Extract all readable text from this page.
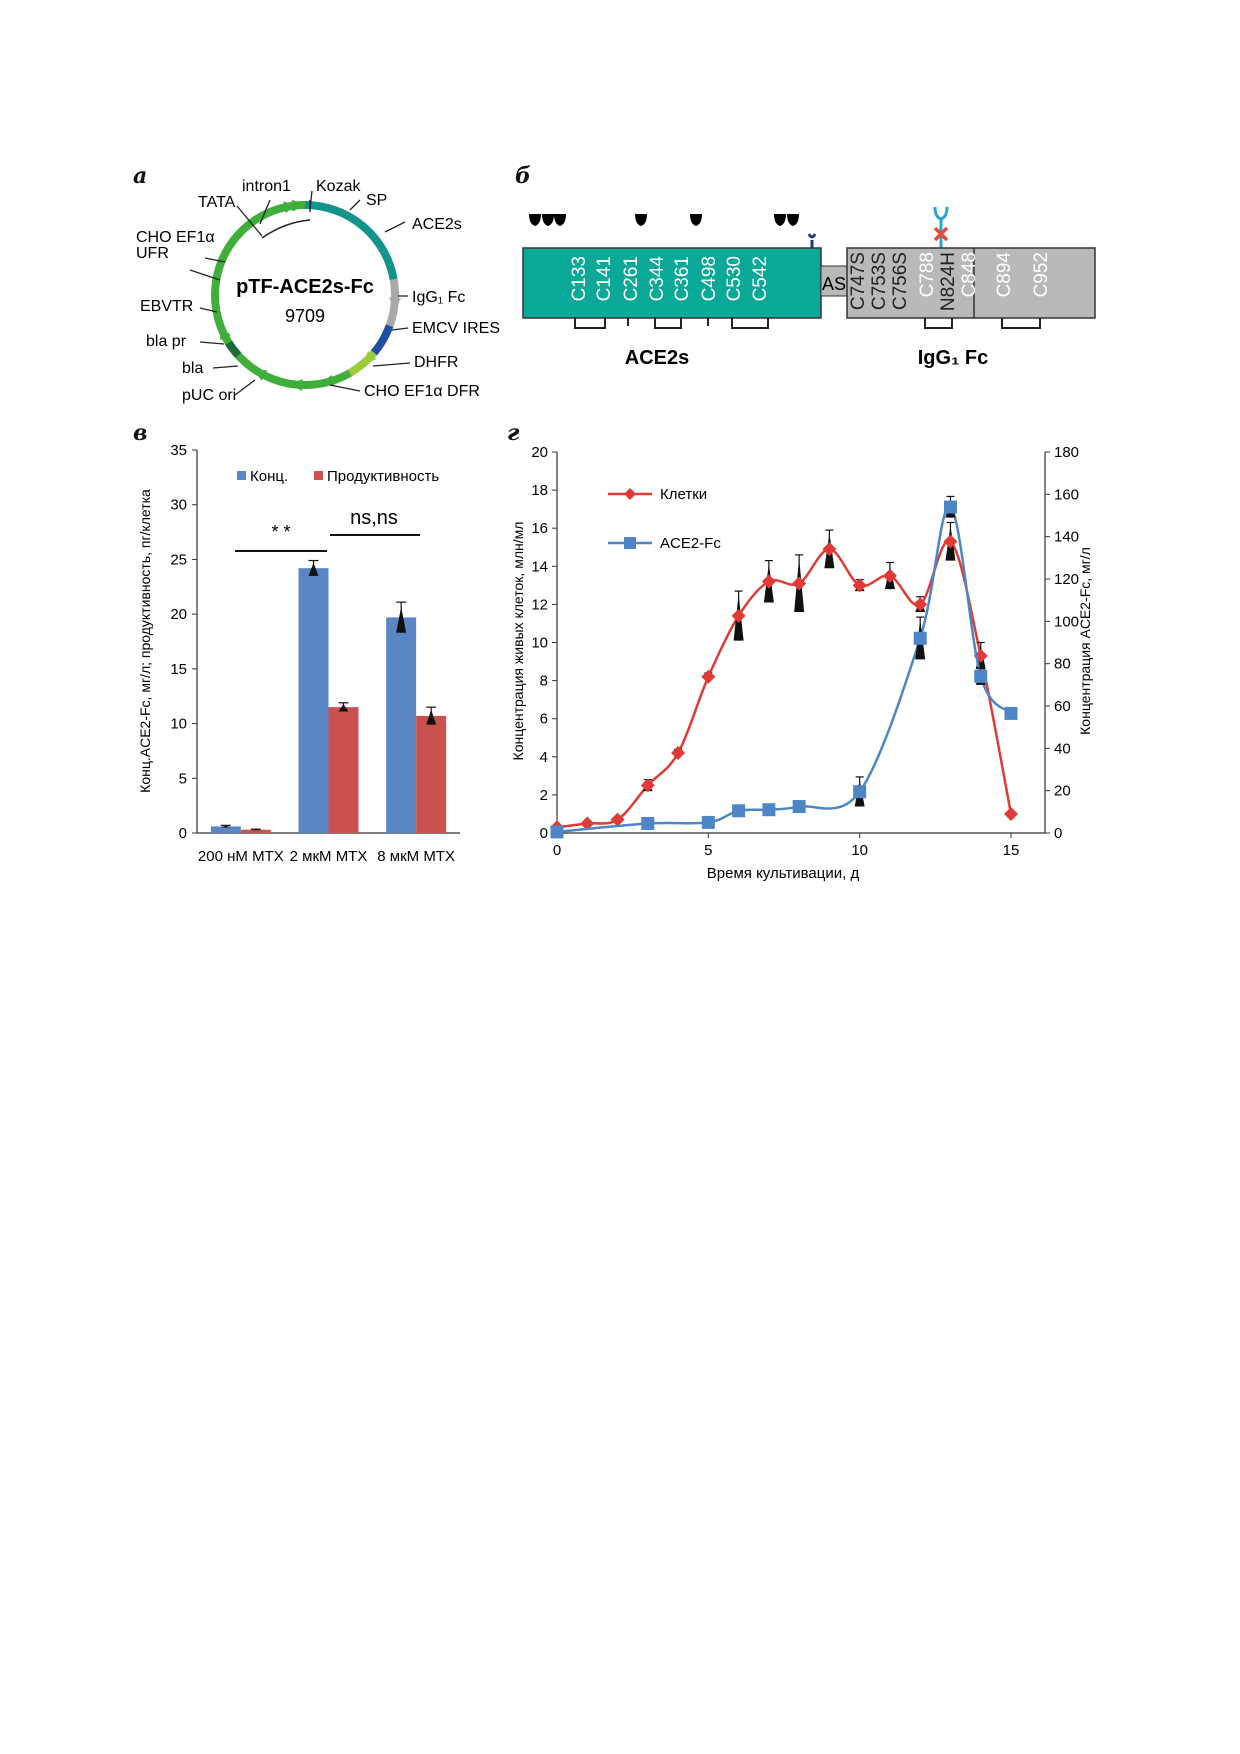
а	б
в	г
pTF-ACE2s-Fc
9709
intron1 Kozak
TATA	SP
CHO EF1α
UFR
ACE2s
IgG₁ Fc
EBVTR
EMCV IRES
bla pr
DHFR
bla
pUC ori	CHO EF1α DFR
AS
C133 C141 C261 C344 C361 C498 C530 C542	C747S C753S C756S C788 N824H C848 C894 C952
ACE2s	IgG₁ Fc
0
5
10
15
20
25
30
35
200 нМ MTX 2 мкМ MTX 8 мкМ MTX
Конц.	Продуктивность
* *
ns,ns
Конц.ACE2-Fc, мг/л; продуктивность, пг/клетка
0
2
4
6
8
10
12
14
16
18
20
0
20
40
60
80
100
120
140
160
180
0	5	10	15
Время культивации, д
Концентрация живых клеток, млн/мл	Концентрация ACE2-Fc, мг/л
Клетки
ACE2-Fc
